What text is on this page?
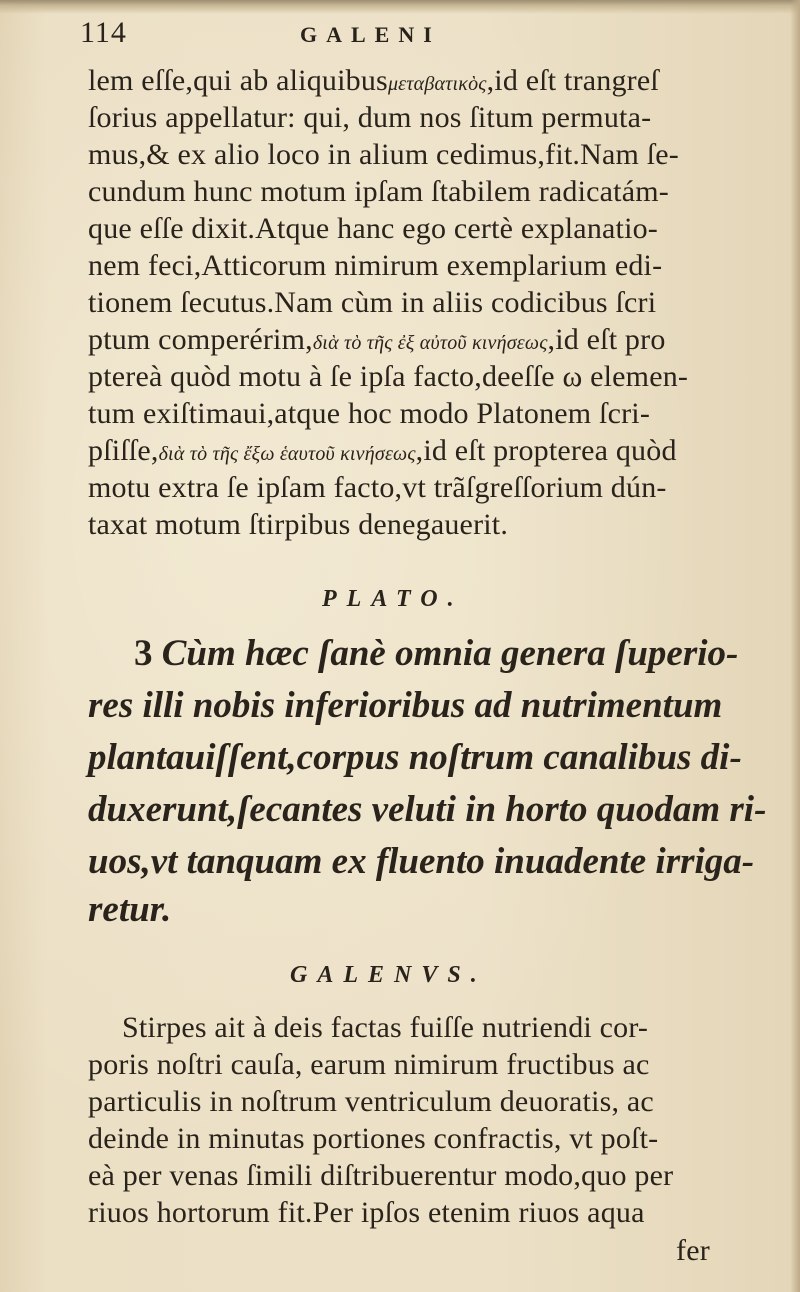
114	GALENI
lem eſſe,qui ab aliquibusμεταβατικὸς,id eſt trangreſ
ſorius appellatur: qui, dum nos ſitum permuta-
mus,& ex alio loco in alium cedimus,fit.Nam ſe-
cundum hunc motum ipſam ſtabilem radicatám-
que eſſe dixit.Atque hanc ego certè explanatio-
nem feci,Atticorum nimirum exemplarium edi-
tionem ſecutus.Nam cùm in aliis codicibus ſcri
ptum comperérim,διὰ τὸ τῆς ἐξ αὐτοῦ κινήσεως,id eſt pro
ptereà quòd motu à ſe ipſa facto,deeſſe ω elemen-
tum exiſtimaui,atque hoc modo Platonem ſcri-
pſiſſe,διὰ τὸ τῆς ἔξω ἑαυτοῦ κινήσεως,id eſt propterea quòd
motu extra ſe ipſam facto,vt trãſgreſſorium dún-
taxat motum ſtirpibus denegauerit.
PLATO.
3 Cùm hæc ſanè omnia genera ſuperio-
res illi nobis inferioribus ad nutrimentum
plantauiſſent,corpus noſtrum canalibus di-
duxerunt,ſecantes veluti in horto quodam ri-
uos,vt tanquam ex fluento inuadente irriga-
retur.
GALENVS.
Stirpes ait à deis factas fuiſſe nutriendi cor-
poris noſtri cauſa, earum nimirum fructibus ac
particulis in noſtrum ventriculum deuoratis, ac
deinde in minutas portiones confractis, vt poſt-
eà per venas ſimili diſtribuerentur modo,quo per
riuos hortorum fit.Per ipſos etenim riuos aqua
fer
